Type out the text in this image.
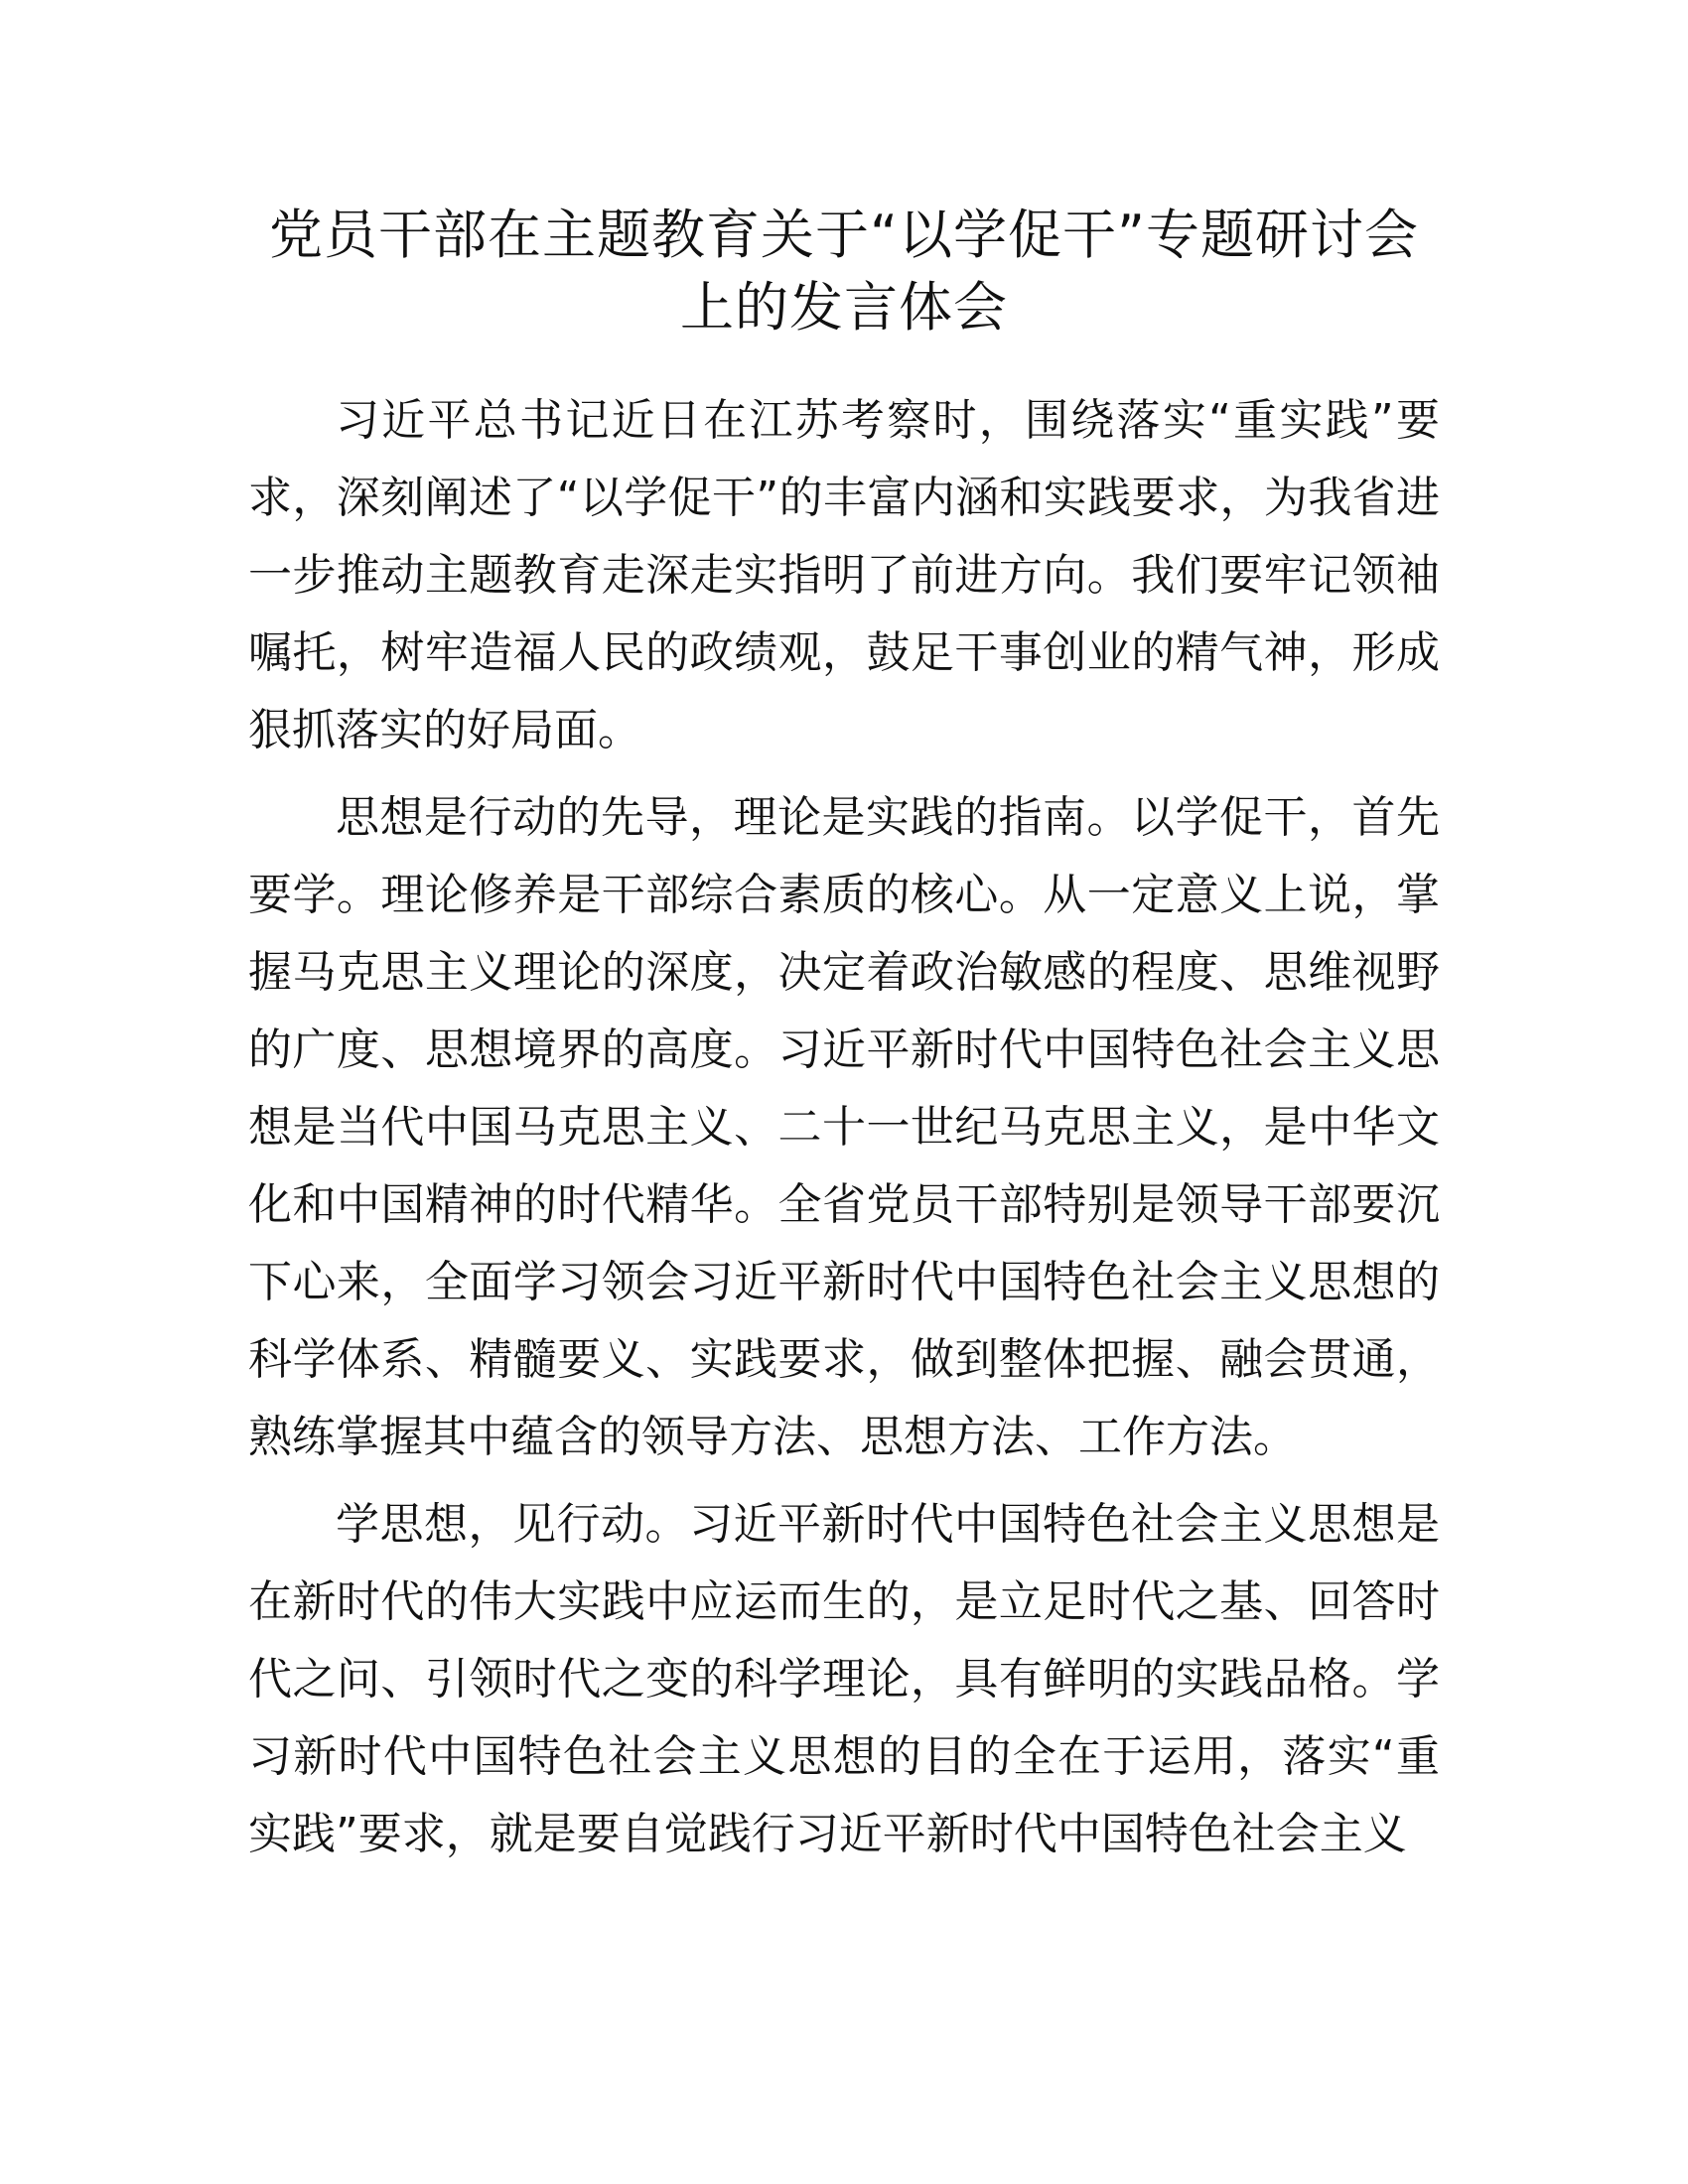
党员干部在主题教育关于“以学促干”专题研讨会上的发言体会

习近平总书记近日在江苏考察时，围绕落实“重实践”要求，深刻阐述了“以学促干”的丰富内涵和实践要求，为我省进一步推动主题教育走深走实指明了前进方向。我们要牢记领袖嘱托，树牢造福人民的政绩观，鼓足干事创业的精气神，形成狠抓落实的好局面。

思想是行动的先导，理论是实践的指南。以学促干，首先要学。理论修养是干部综合素质的核心。从一定意义上说，掌握马克思主义理论的深度，决定着政治敏感的程度、思维视野的广度、思想境界的高度。习近平新时代中国特色社会主义思想是当代中国马克思主义、二十一世纪马克思主义，是中华文化和中国精神的时代精华。全省党员干部特别是领导干部要沉下心来，全面学习领会习近平新时代中国特色社会主义思想的科学体系、精髓要义、实践要求，做到整体把握、融会贯通，熟练掌握其中蕴含的领导方法、思想方法、工作方法。

学思想，见行动。习近平新时代中国特色社会主义思想是在新时代的伟大实践中应运而生的，是立足时代之基、回答时代之问、引领时代之变的科学理论，具有鲜明的实践品格。学习新时代中国特色社会主义思想的目的全在于运用，落实“重实践”要求，就是要自觉践行习近平新时代中国特色社会主义
